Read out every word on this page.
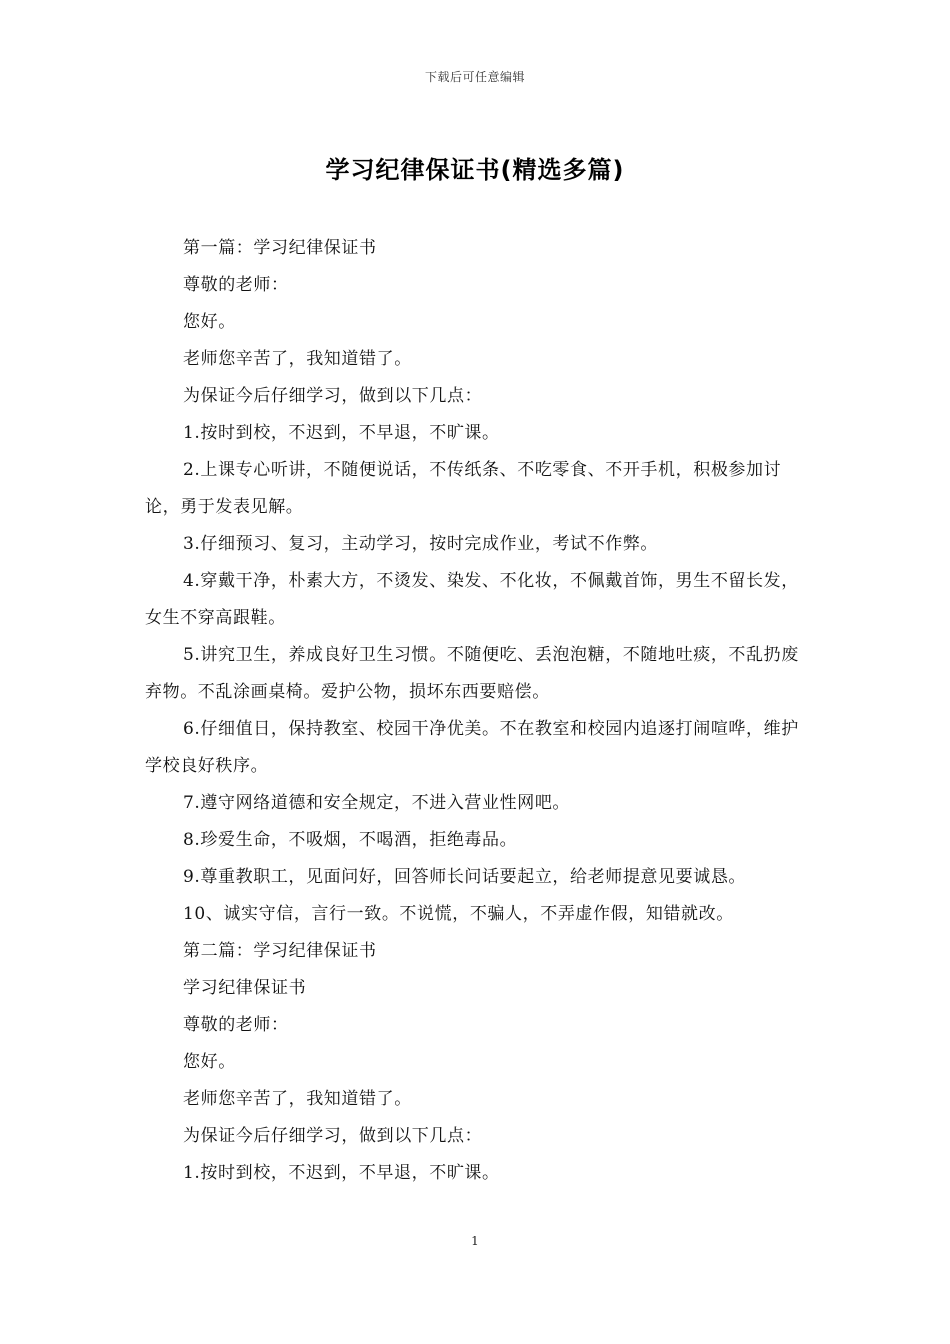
下载后可任意编辑
学习纪律保证书(精选多篇)

第一篇：学习纪律保证书

尊敬的老师：

您好。

老师您辛苦了，我知道错了。

为保证今后仔细学习，做到以下几点：

1.按时到校，不迟到，不早退，不旷课。

2.上课专心听讲，不随便说话，不传纸条、不吃零食、不开手机，积极参加讨论，勇于发表见解。

3.仔细预习、复习，主动学习，按时完成作业，考试不作弊。

4.穿戴干净，朴素大方，不烫发、染发、不化妆，不佩戴首饰，男生不留长发，女生不穿高跟鞋。

5.讲究卫生，养成良好卫生习惯。不随便吃、丢泡泡糖，不随地吐痰，不乱扔废弃物。不乱涂画桌椅。爱护公物，损坏东西要赔偿。

6.仔细值日，保持教室、校园干净优美。不在教室和校园内追逐打闹喧哗，维护学校良好秩序。

7.遵守网络道德和安全规定，不进入营业性网吧。

8.珍爱生命，不吸烟，不喝酒，拒绝毒品。

9.尊重教职工，见面问好，回答师长问话要起立，给老师提意见要诚恳。

10、诚实守信，言行一致。不说慌，不骗人，不弄虚作假，知错就改。

第二篇：学习纪律保证书

学习纪律保证书

尊敬的老师：

您好。

老师您辛苦了，我知道错了。

为保证今后仔细学习，做到以下几点：

1.按时到校，不迟到，不早退，不旷课。

1
